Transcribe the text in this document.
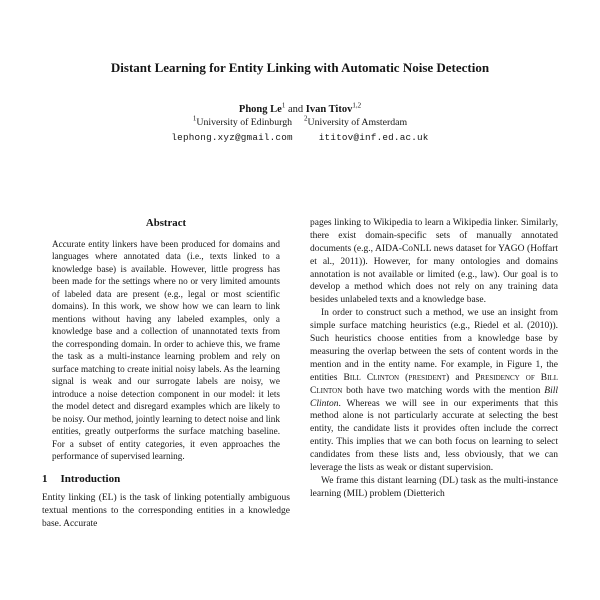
Distant Learning for Entity Linking with Automatic Noise Detection
Phong Le$^1$ and Ivan Titov$^{1,2}$
$^1$University of Edinburgh $^2$University of Amsterdam
lephong.xyz@gmail.com	ititov@inf.ed.ac.uk
Abstract

Accurate entity linkers have been produced for domains and languages where annotated data (i.e., texts linked to a knowledge base) is available. However, little progress has been made for the settings where no or very limited amounts of labeled data are present (e.g., legal or most scientific domains). In this work, we show how we can learn to link mentions without having any labeled examples, only a knowledge base and a collection of unannotated texts from the corresponding domain. In order to achieve this, we frame the task as a multi-instance learning problem and rely on surface matching to create initial noisy labels. As the learning signal is weak and our surrogate labels are noisy, we introduce a noise detection component in our model: it lets the model detect and disregard examples which are likely to be noisy. Our method, jointly learning to detect noise and link entities, greatly outperforms the surface matching baseline. For a subset of entity categories, it even approaches the performance of supervised learning.

1 Introduction

Entity linking (EL) is the task of linking potentially ambiguous textual mentions to the corresponding entities in a knowledge base. Accurate

pages linking to Wikipedia to learn a Wikipedia linker. Similarly, there exist domain-specific sets of manually annotated documents (e.g., AIDA-CoNLL news dataset for YAGO (Hoffart et al., 2011)). However, for many ontologies and domains annotation is not available or limited (e.g., law). Our goal is to develop a method which does not rely on any training data besides unlabeled texts and a knowledge base.

In order to construct such a method, we use an insight from simple surface matching heuristics (e.g., Riedel et al. (2010)). Such heuristics choose entities from a knowledge base by measuring the overlap between the sets of content words in the mention and in the entity name. For example, in Figure 1, the entities Bill Clinton (president) and Presidency of Bill Clinton both have two matching words with the mention Bill Clinton. Whereas we will see in our experiments that this method alone is not particularly accurate at selecting the best entity, the candidate lists it provides often include the correct entity. This implies that we can both focus on learning to select candidates from these lists and, less obviously, that we can leverage the lists as weak or distant supervision.

We frame this distant learning (DL) task as the multi-instance learning (MIL) problem (Dietterich
